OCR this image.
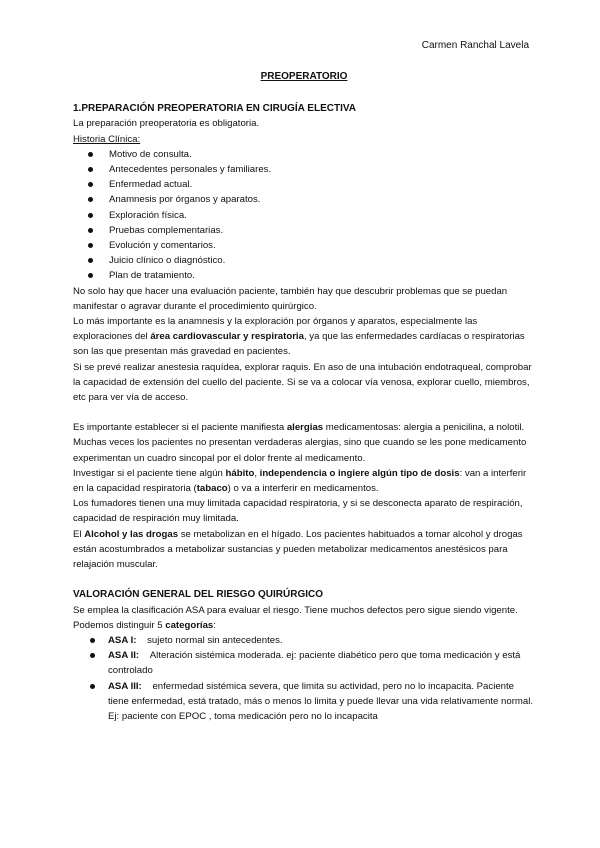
Carmen Ranchal Lavela

PREOPERATORIO

1.PREPARACIÓN PREOPERATORIA EN CIRUGÍA ELECTIVA

La preparación preoperatoria es obligatoria.

Historia Clínica:

Motivo de consulta.
Antecedentes personales y familiares.
Enfermedad actual.
Anamnesis por órganos y aparatos.
Exploración física.
Pruebas complementarias.
Evolución y comentarios.
Juicio clínico o diagnóstico.
Plan de tratamiento.

No solo hay que hacer una evaluación paciente, también hay que descubrir problemas que se puedan manifestar o agravar durante el procedimiento quirúrgico.

Lo más importante es la anamnesis y la exploración por órganos y aparatos, especialmente las exploraciones del área cardiovascular y respiratoria, ya que las enfermedades cardíacas o respiratorias son las que presentan más gravedad en pacientes.

Si se prevé realizar anestesia raquídea, explorar raquis. En aso de una intubación endotraqueal, comprobar la capacidad de extensión del cuello del paciente. Si se va a colocar vía venosa, explorar cuello, miembros, etc para ver vía de acceso.

Es importante establecer si el paciente manifiesta alergias medicamentosas: alergia a penicilina, a nolotil.

Muchas veces los pacientes no presentan verdaderas alergias, sino que cuando se les pone medicamento experimentan un cuadro sincopal por el dolor frente al medicamento.

Investigar si el paciente tiene algún hábito, independencia o ingiere algún tipo de dosis: van a interferir en la capacidad respiratoria (tabaco) o va a interferir en medicamentos.

Los fumadores tienen una muy limitada capacidad respiratoria, y si se desconecta aparato de respiración, capacidad de respiración muy limitada.

El Alcohol y las drogas se metabolizan en el hígado. Los pacientes habituados a tomar alcohol y drogas están acostumbrados a metabolizar sustancias y pueden metabolizar medicamentos anestésicos para relajación muscular.

VALORACIÓN GENERAL DEL RIESGO QUIRÚRGICO

Se emplea la clasificación ASA para evaluar el riesgo. Tiene muchos defectos pero sigue siendo vigente.

Podemos distinguir 5 categorías:

ASA I: sujeto normal sin antecedentes.
ASA II: Alteración sistémica moderada. ej: paciente diabético pero que toma medicación y está controlado
ASA III: enfermedad sistémica severa, que limita su actividad, pero no lo incapacita. Paciente tiene enfermedad, está tratado, más o menos lo limita y puede llevar una vida relativamente normal. Ej: paciente con EPOC , toma medicación pero no lo incapacita
